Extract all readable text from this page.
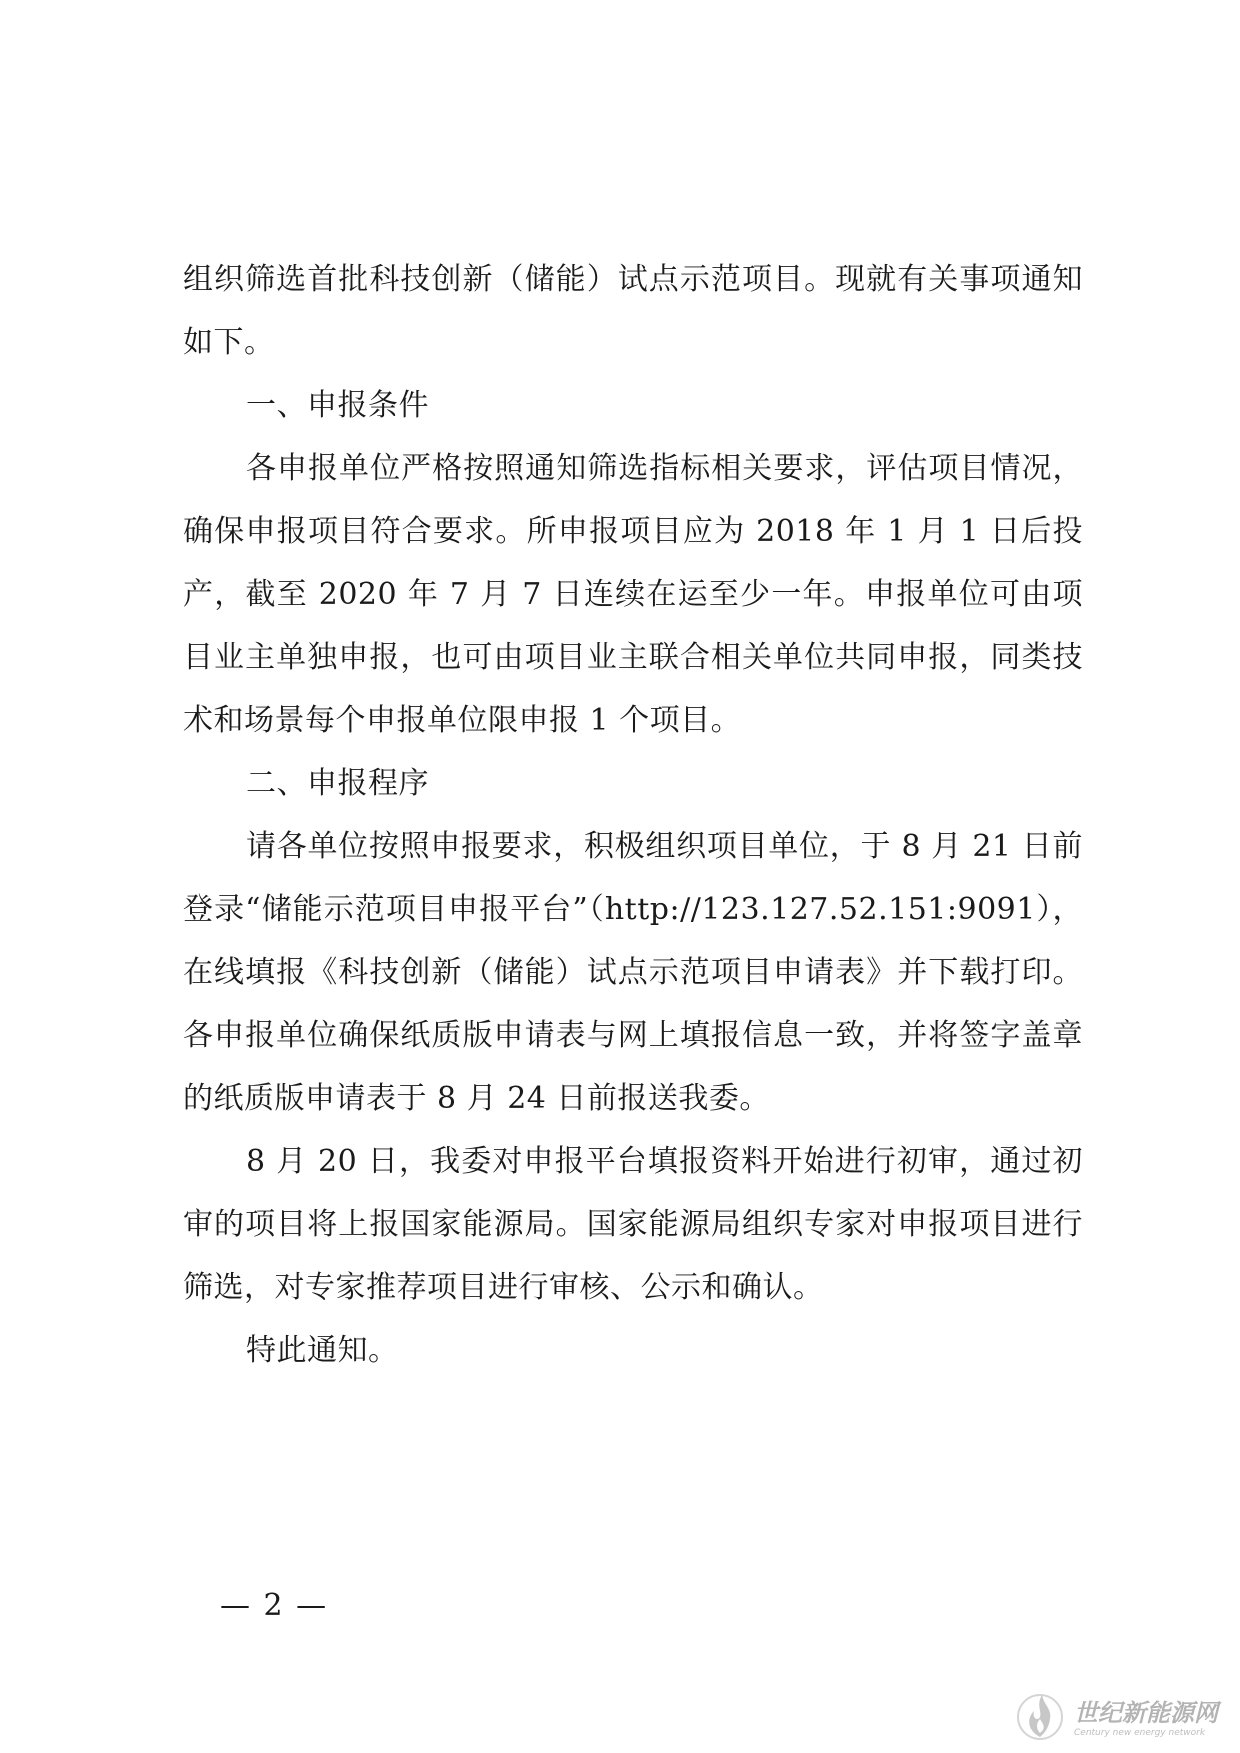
组织筛选首批科技创新（储能）试点示范项目。现就有关事项通知如下。

一、申报条件

各申报单位严格按照通知筛选指标相关要求，评估项目情况，确保申报项目符合要求。所申报项目应为 2018 年 1 月 1 日后投产，截至 2020 年 7 月 7 日连续在运至少一年。申报单位可由项目业主单独申报，也可由项目业主联合相关单位共同申报，同类技术和场景每个申报单位限申报 1 个项目。

二、申报程序

请各单位按照申报要求，积极组织项目单位，于 8 月 21 日前登录“储能示范项目申报平台”（http://123.127.52.151:9091），在线填报《科技创新（储能）试点示范项目申请表》并下载打印。各申报单位确保纸质版申请表与网上填报信息一致，并将签字盖章的纸质版申请表于 8 月 24 日前报送我委。

8 月 20 日，我委对申报平台填报资料开始进行初审，通过初审的项目将上报国家能源局。国家能源局组织专家对申报项目进行筛选，对专家推荐项目进行审核、公示和确认。

特此通知。

— 2 —
世纪新能源网
Century new energy network
